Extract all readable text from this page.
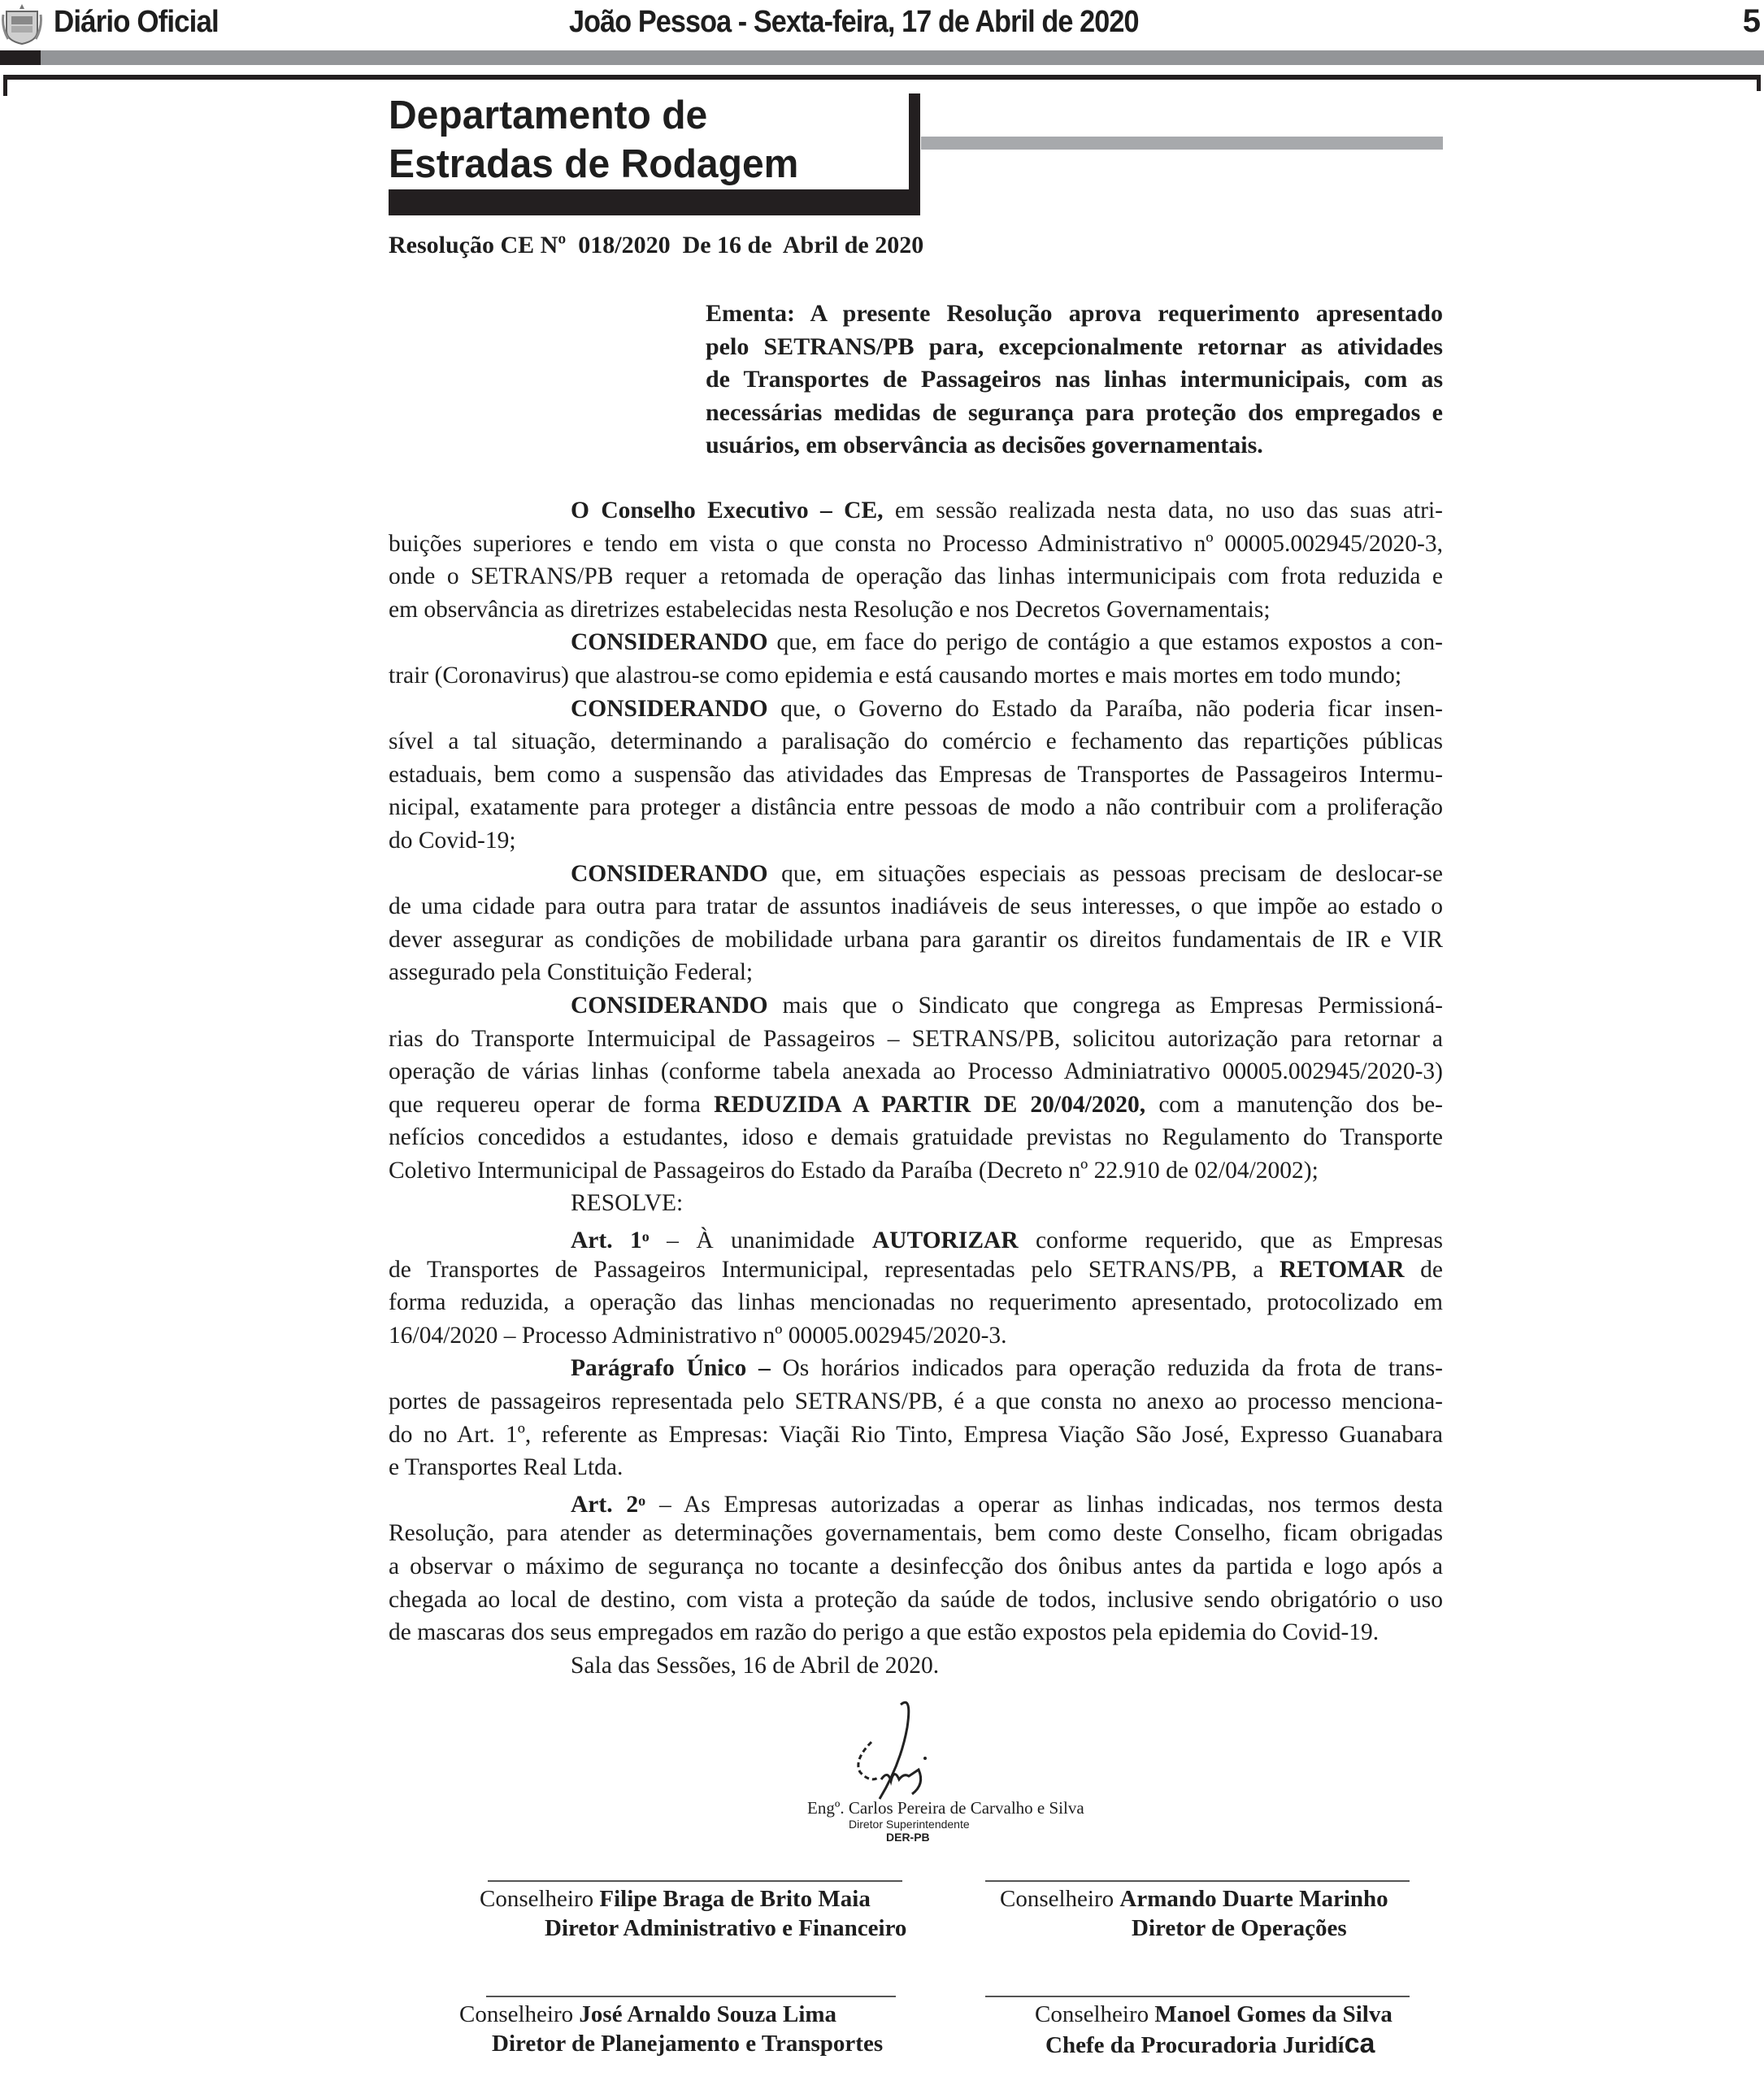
Diário Oficial	João Pessoa - Sexta-feira, 17 de Abril de 2020	5
Departamento de
Estradas de Rodagem
Resolução CE Nº  018/2020  De 16 de  Abril de 2020
Ementa: A presente Resolução aprova requerimento apresentado
pelo SETRANS/PB para, excepcionalmente retornar as atividades
de Transportes de Passageiros nas linhas intermunicipais, com as
necessárias medidas de segurança para proteção dos empregados e
usuários, em observância as decisões governamentais.
O Conselho Executivo – CE, em sessão realizada nesta data, no uso das suas atri-
buições superiores e tendo em vista o que consta no Processo Administrativo nº 00005.002945/2020-3,
onde o SETRANS/PB requer a retomada de operação das linhas intermunicipais com frota reduzida e
em observância as diretrizes estabelecidas nesta Resolução e nos Decretos Governamentais;
CONSIDERANDO que, em face do perigo de contágio a que estamos expostos a con-
trair (Coronavirus) que alastrou-se como epidemia e está causando mortes e mais mortes em todo mundo;
CONSIDERANDO que, o Governo do Estado da Paraíba, não poderia ficar insen-
sível a tal situação, determinando a paralisação do comércio e fechamento das repartições públicas
estaduais, bem como a suspensão das atividades das Empresas de Transportes de Passageiros Intermu-
nicipal, exatamente para proteger a distância entre pessoas de modo a não contribuir com a proliferação
do Covid-19;
CONSIDERANDO que, em situações especiais as pessoas precisam de deslocar-se
de uma cidade para outra para tratar de assuntos inadiáveis de seus interesses, o que impõe ao estado o
dever assegurar as condições de mobilidade urbana para garantir os direitos fundamentais de IR e VIR
assegurado pela Constituição Federal;
CONSIDERANDO mais que o Sindicato que congrega as Empresas Permissioná-
rias do Transporte Intermuicipal de Passageiros – SETRANS/PB, solicitou autorização para retornar a
operação de várias linhas (conforme tabela anexada ao Processo Adminiatrativo 00005.002945/2020-3)
que requereu operar de forma REDUZIDA A PARTIR DE 20/04/2020, com a manutenção dos be-
nefícios concedidos a estudantes, idoso e demais gratuidade previstas no Regulamento do Transporte
Coletivo Intermunicipal de Passageiros do Estado da Paraíba (Decreto nº 22.910 de 02/04/2002);
RESOLVE:
Art. 1$^o$ – À unanimidade AUTORIZAR conforme requerido, que as Empresas
de Transportes de Passageiros Intermunicipal, representadas pelo SETRANS/PB, a RETOMAR de
forma reduzida, a operação das linhas mencionadas no requerimento apresentado, protocolizado em
16/04/2020 – Processo Administrativo nº 00005.002945/2020-3.
Parágrafo Único – Os horários indicados para operação reduzida da frota de trans-
portes de passageiros representada pelo SETRANS/PB, é a que consta no anexo ao processo menciona-
do no Art. 1º, referente as Empresas: Viaçãi Rio Tinto, Empresa Viação São José, Expresso Guanabara
e Transportes Real Ltda.
Art. 2$^o$ – As Empresas autorizadas a operar as linhas indicadas, nos termos desta
Resolução, para atender as determinações governamentais, bem como deste Conselho, ficam obrigadas
a observar o máximo de segurança no tocante a desinfecção dos ônibus antes da partida e logo após a
chegada ao local de destino, com vista a proteção da saúde de todos, inclusive sendo obrigatório o uso
de mascaras dos seus empregados em razão do perigo a que estão expostos pela epidemia do Covid-19.
Sala das Sessões, 16 de Abril de 2020.
Engº. Carlos Pereira de Carvalho e Silva
Diretor Superintendente
DER-PB
Conselheiro Filipe Braga de Brito Maia
Diretor Administrativo e Financeiro
Conselheiro Armando Duarte Marinho
Diretor de Operações
Conselheiro José Arnaldo Souza Lima
Diretor de Planejamento e Transportes
Conselheiro Manoel Gomes da Silva
Chefe da Procuradoria Juridíca
